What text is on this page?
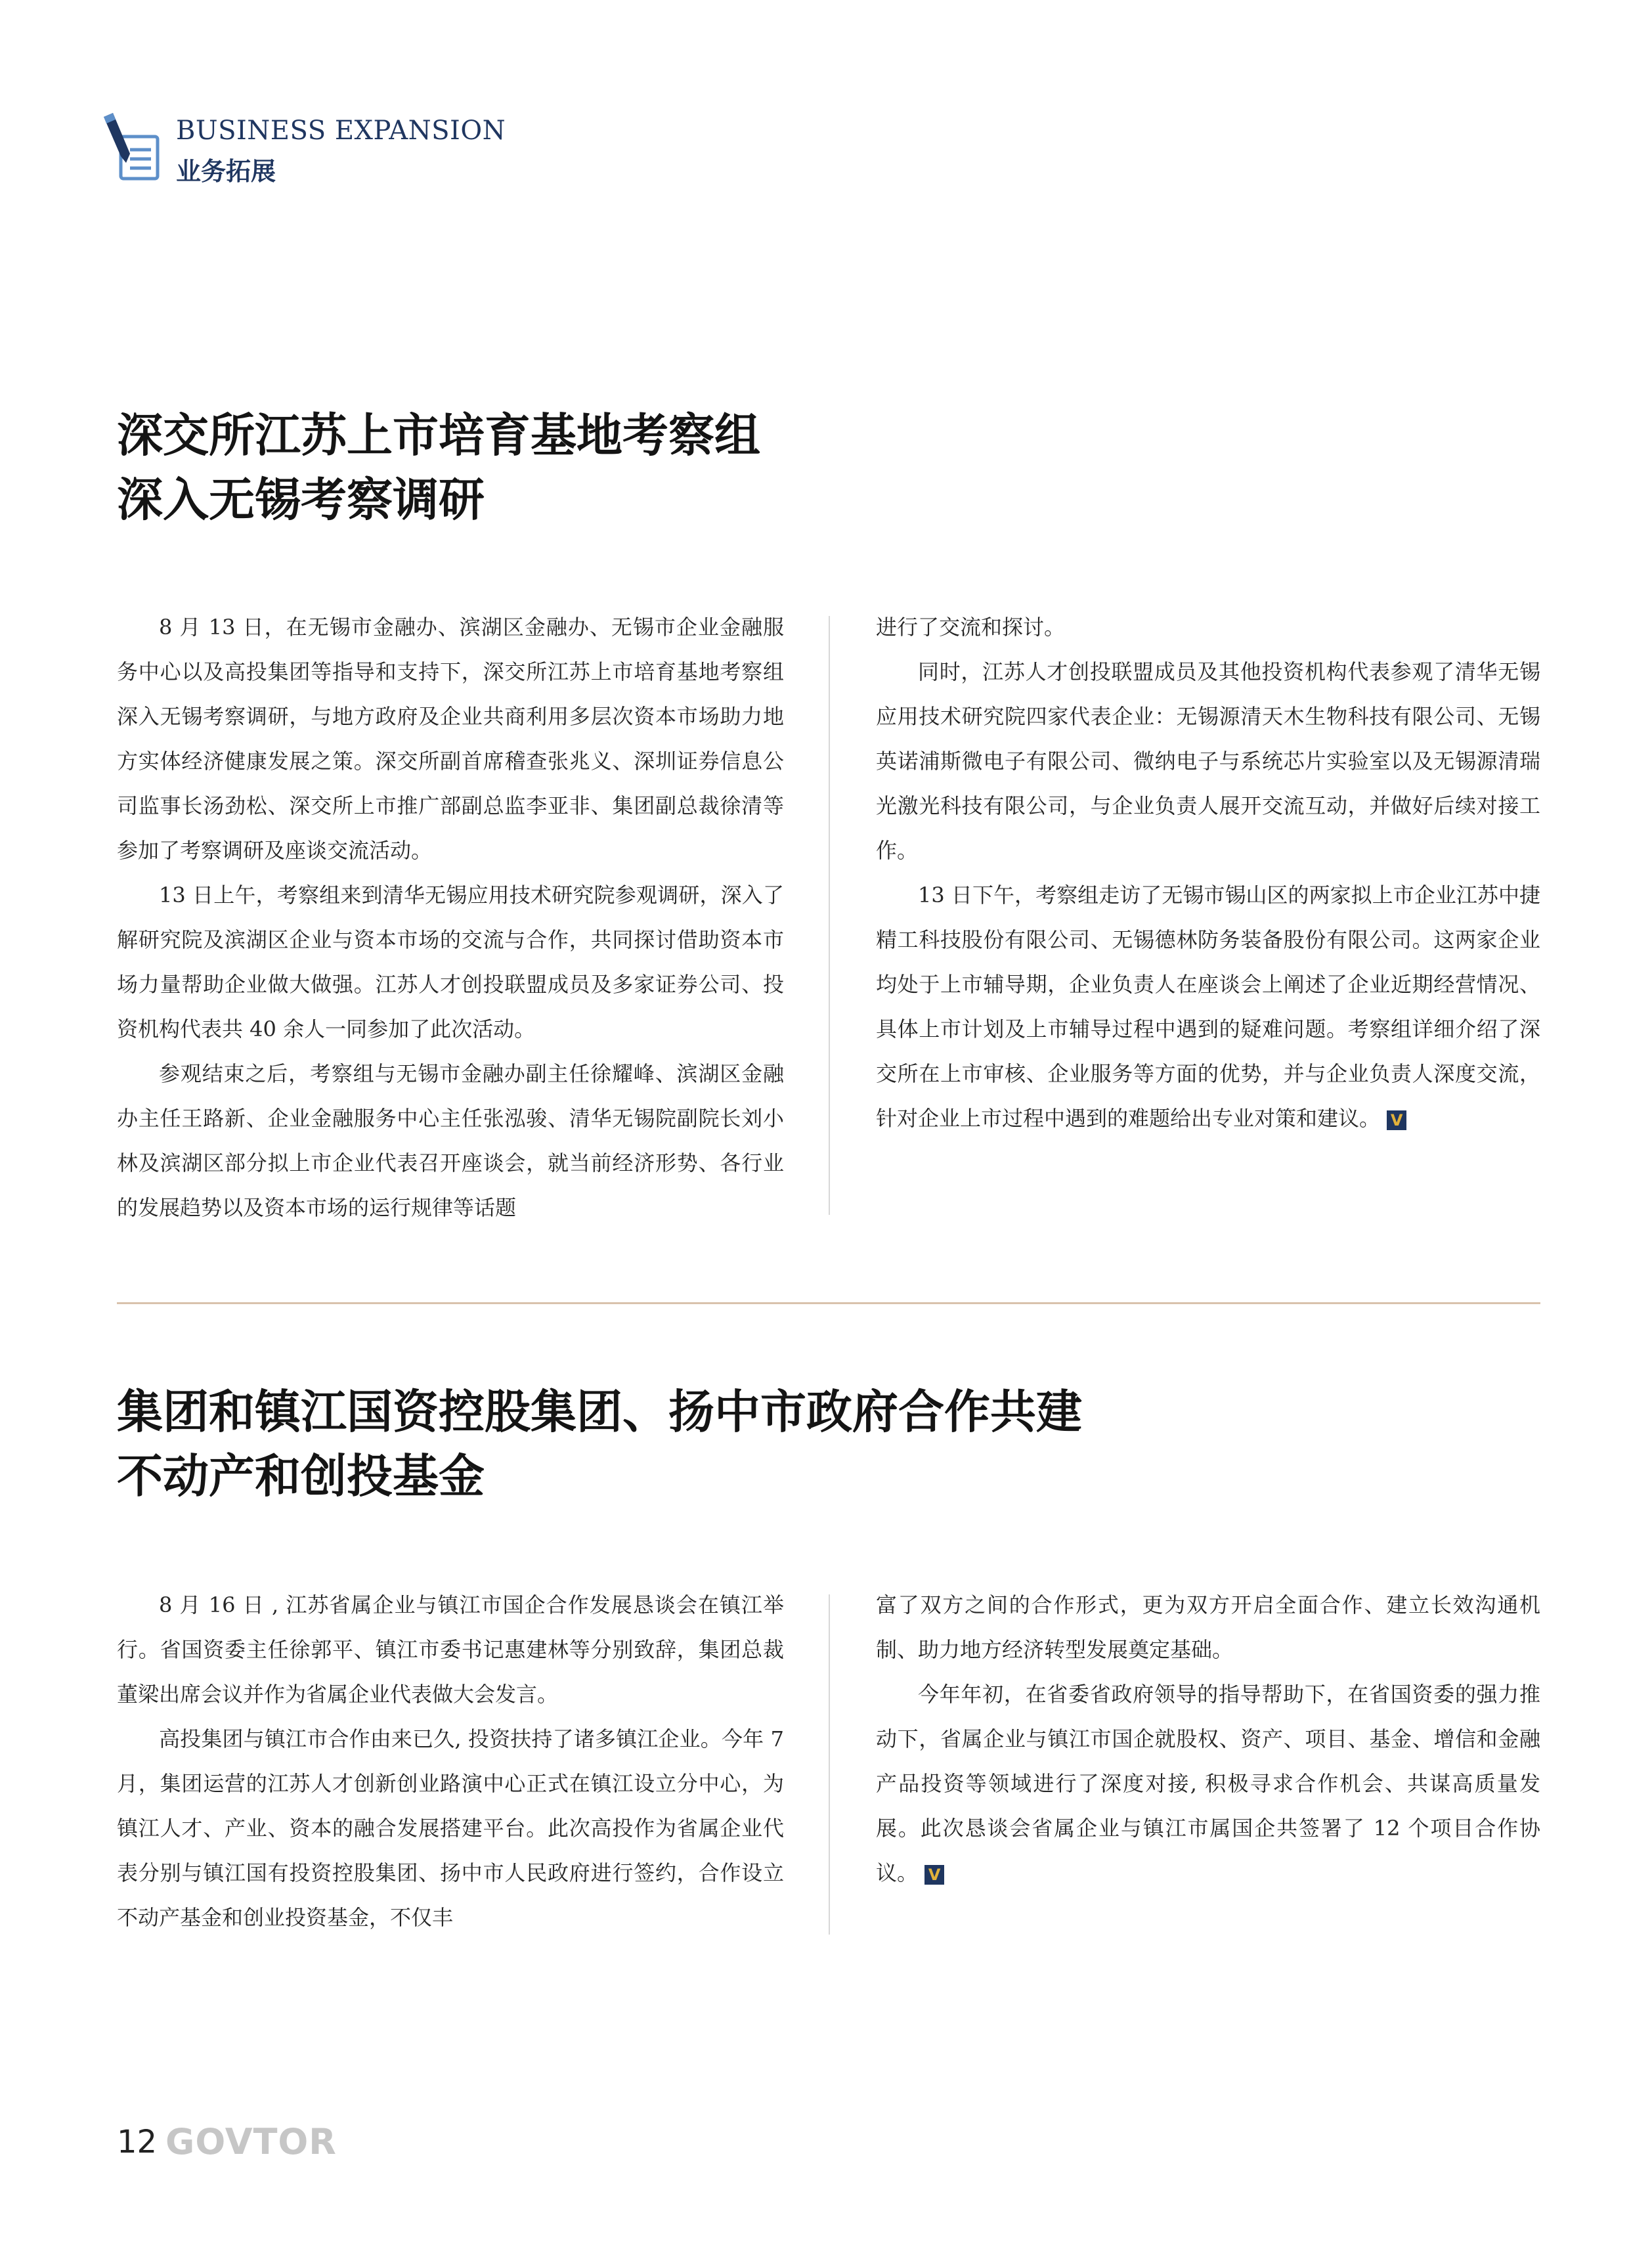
BUSINESS EXPANSION
业务拓展
深交所江苏上市培育基地考察组
深入无锡考察调研

8 月 13 日，在无锡市金融办、滨湖区金融办、无锡市企业金融服务中心以及高投集团等指导和支持下，深交所江苏上市培育基地考察组深入无锡考察调研，与地方政府及企业共商利用多层次资本市场助力地方实体经济健康发展之策。深交所副首席稽查张兆义、深圳证券信息公司监事长汤劲松、深交所上市推广部副总监李亚非、集团副总裁徐清等参加了考察调研及座谈交流活动。

13 日上午，考察组来到清华无锡应用技术研究院参观调研，深入了解研究院及滨湖区企业与资本市场的交流与合作，共同探讨借助资本市场力量帮助企业做大做强。江苏人才创投联盟成员及多家证券公司、投资机构代表共 40 余人一同参加了此次活动。

参观结束之后，考察组与无锡市金融办副主任徐耀峰、滨湖区金融办主任王路新、企业金融服务中心主任张泓骏、清华无锡院副院长刘小林及滨湖区部分拟上市企业代表召开座谈会，就当前经济形势、各行业的发展趋势以及资本市场的运行规律等话题

进行了交流和探讨。

同时，江苏人才创投联盟成员及其他投资机构代表参观了清华无锡应用技术研究院四家代表企业：无锡源清天木生物科技有限公司、无锡英诺浦斯微电子有限公司、微纳电子与系统芯片实验室以及无锡源清瑞光激光科技有限公司，与企业负责人展开交流互动，并做好后续对接工作。

13 日下午，考察组走访了无锡市锡山区的两家拟上市企业江苏中捷精工科技股份有限公司、无锡德林防务装备股份有限公司。这两家企业均处于上市辅导期，企业负责人在座谈会上阐述了企业近期经营情况、具体上市计划及上市辅导过程中遇到的疑难问题。考察组详细介绍了深交所在上市审核、企业服务等方面的优势，并与企业负责人深度交流，针对企业上市过程中遇到的难题给出专业对策和建议。 V

集团和镇江国资控股集团、扬中市政府合作共建
不动产和创投基金

8 月 16 日 , 江苏省属企业与镇江市国企合作发展恳谈会在镇江举行。省国资委主任徐郭平、镇江市委书记惠建林等分别致辞，集团总裁董梁出席会议并作为省属企业代表做大会发言。

高投集团与镇江市合作由来已久, 投资扶持了诸多镇江企业。今年 7 月，集团运营的江苏人才创新创业路演中心正式在镇江设立分中心，为镇江人才、产业、资本的融合发展搭建平台。此次高投作为省属企业代表分别与镇江国有投资控股集团、扬中市人民政府进行签约，合作设立不动产基金和创业投资基金，不仅丰

富了双方之间的合作形式，更为双方开启全面合作、建立长效沟通机制、助力地方经济转型发展奠定基础。

今年年初，在省委省政府领导的指导帮助下，在省国资委的强力推动下，省属企业与镇江市国企就股权、资产、项目、基金、增信和金融产品投资等领域进行了深度对接, 积极寻求合作机会、共谋高质量发展。此次恳谈会省属企业与镇江市属国企共签署了 12 个项目合作协议。 V

12 GOVTOR
